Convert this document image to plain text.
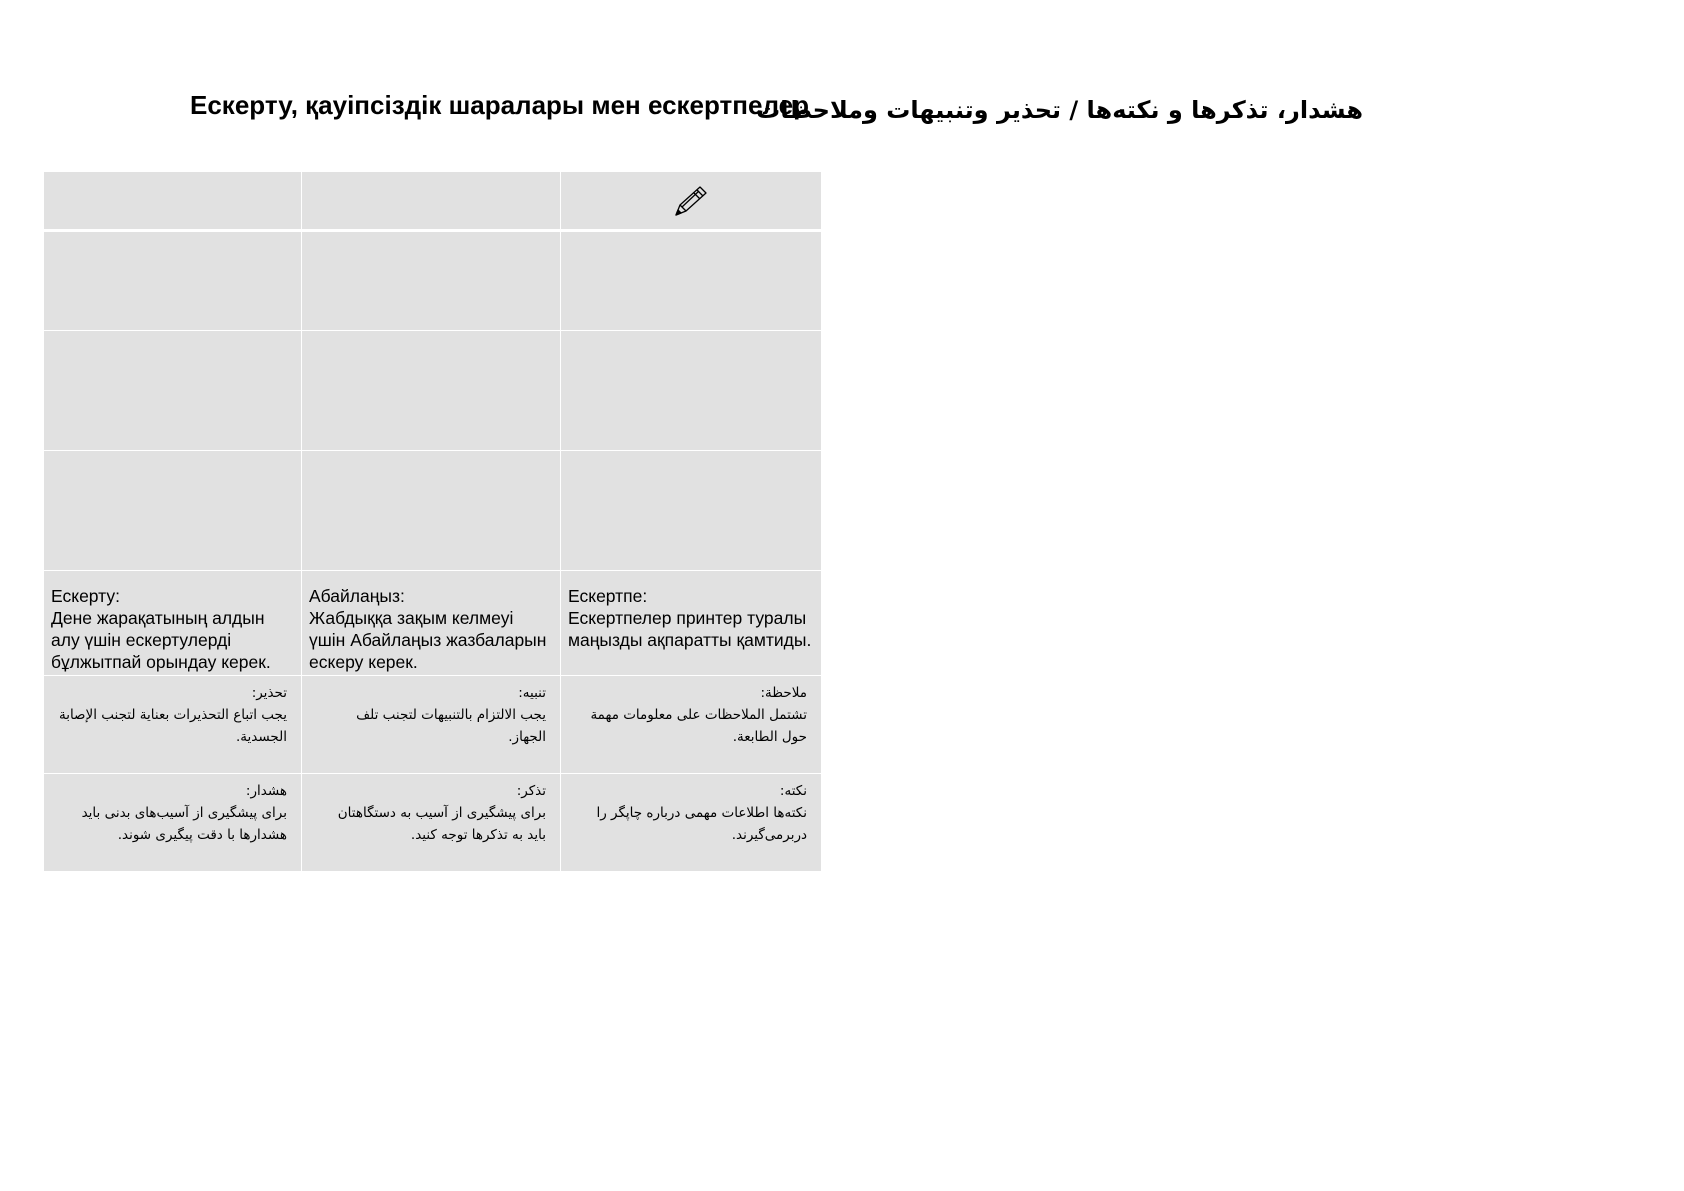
Ескерту, қауіпсіздік шаралары мен ескертпелер
هشدار، تذکرها و نکته‌ها / تحذير وتنبيهات وملاحظات
Ескерту:
Дене жарақатының алдын алу үшін ескертулерді бұлжытпай орындау керек.
Абайлаңыз:
Жабдыққа зақым келмеуі үшін Абайлаңыз жазбаларын ескеру керек.
Ескертпе:
Ескертпелер принтер туралы маңызды ақпаратты қамтиды.
تحذير:
يجب اتباع التحذيرات بعناية لتجنب الإصابة الجسدية.
تنبيه:
يجب الالتزام بالتنبيهات لتجنب تلف الجهاز.
ملاحظة:
تشتمل الملاحظات على معلومات مهمة حول الطابعة.
هشدار:
برای پیشگیری از آسیب‌های بدنی باید هشدارها با دقت پیگیری شوند.
تذکر:
برای پیشگیری از آسیب به دستگاهتان باید به تذکرها توجه کنید.
نکته:
نکته‌ها اطلاعات مهمی درباره چاپگر را دربرمی‌گیرند.
